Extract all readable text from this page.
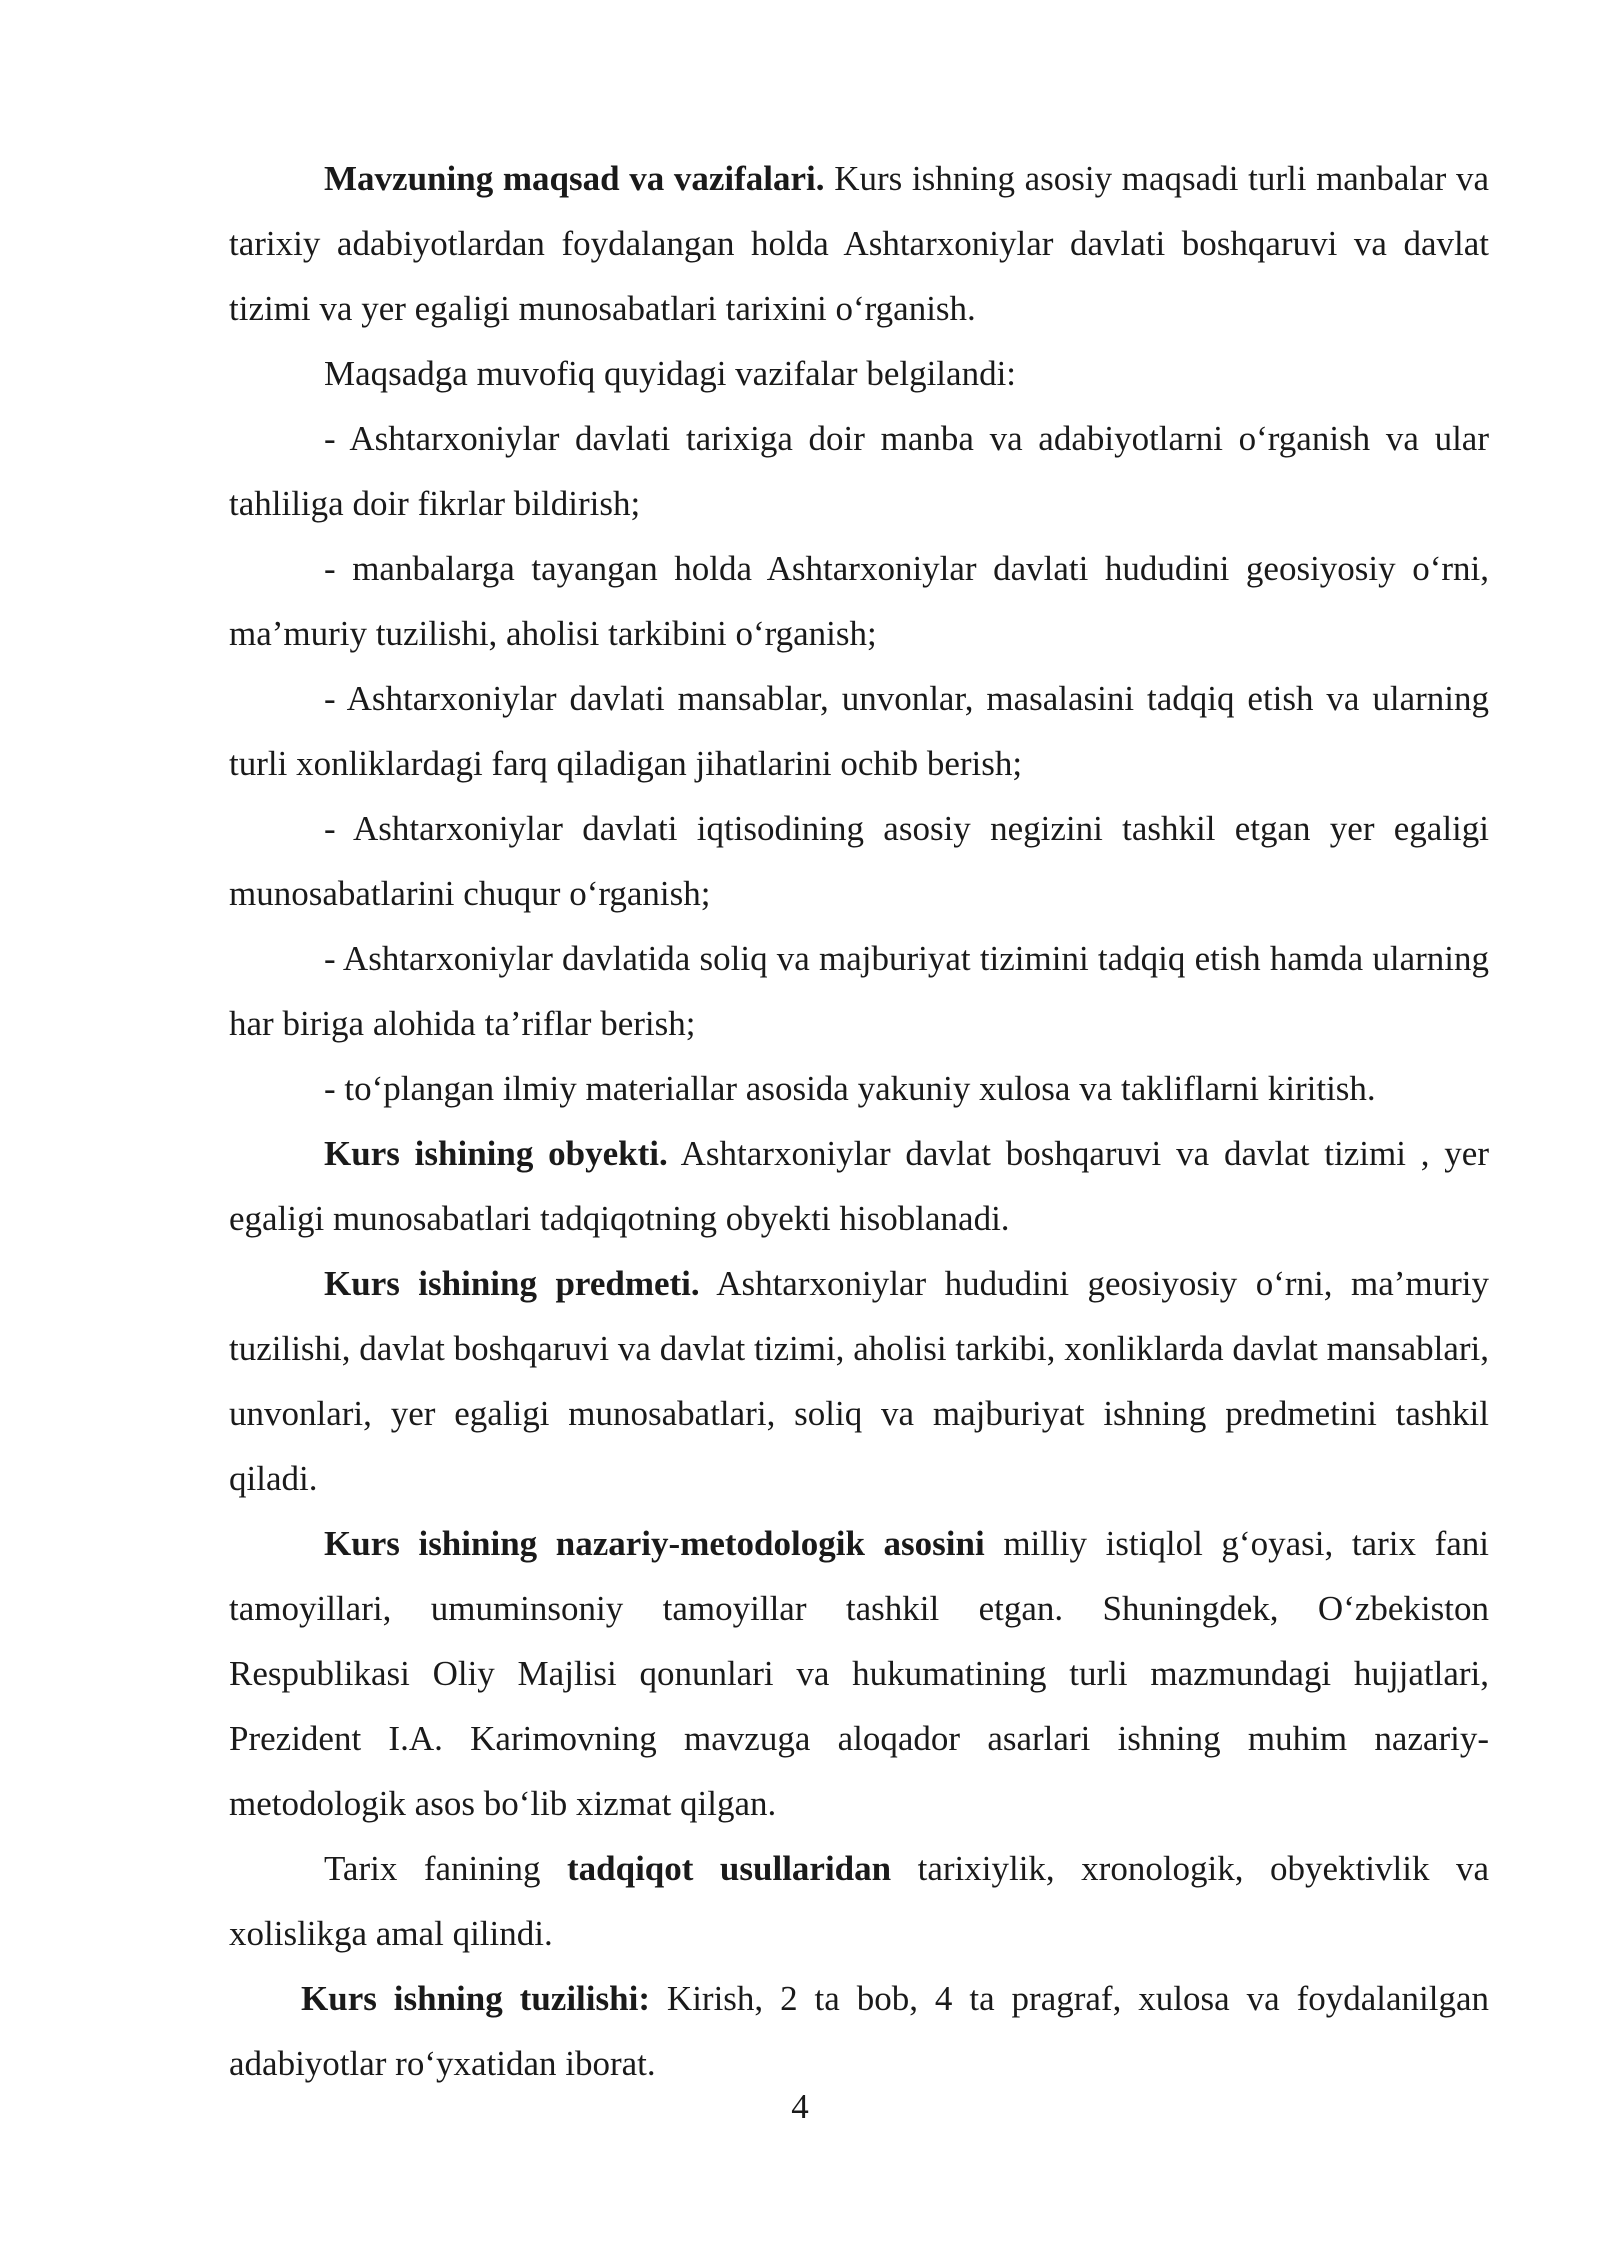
Mavzuning maqsad va vazifalari. Kurs ishning asosiy maqsadi turli manbalar va tarixiy adabiyotlardan foydalangan holda Ashtarxoniylar davlati boshqaruvi va davlat tizimi va yer egaligi munosabatlari tarixini o‘rganish.

Maqsadga muvofiq quyidagi vazifalar belgilandi:

- Ashtarxoniylar davlati tarixiga doir manba va adabiyotlarni o‘rganish va ular tahliliga doir fikrlar bildirish;

- manbalarga tayangan holda Ashtarxoniylar davlati hududini geosiyosiy o‘rni, ma’muriy tuzilishi, aholisi tarkibini o‘rganish;

- Ashtarxoniylar davlati mansablar, unvonlar, masalasini tadqiq etish va ularning turli xonliklardagi farq qiladigan jihatlarini ochib berish;

- Ashtarxoniylar davlati iqtisodining asosiy negizini tashkil etgan yer egaligi munosabatlarini chuqur o‘rganish;

- Ashtarxoniylar davlatida soliq va majburiyat tizimini tadqiq etish hamda ularning har biriga alohida ta’riflar berish;

- to‘plangan ilmiy materiallar asosida yakuniy xulosa va takliflarni kiritish.

Kurs ishining obyekti. Ashtarxoniylar davlat boshqaruvi va davlat tizimi , yer egaligi munosabatlari tadqiqotning obyekti hisoblanadi.

Kurs ishining predmeti. Ashtarxoniylar hududini geosiyosiy o‘rni, ma’muriy tuzilishi, davlat boshqaruvi va davlat tizimi, aholisi tarkibi, xonliklarda davlat mansablari, unvonlari, yer egaligi munosabatlari, soliq va majburiyat ishning predmetini tashkil qiladi.

Kurs ishining nazariy-metodologik asosini milliy istiqlol g‘oyasi, tarix fani tamoyillari, umuminsoniy tamoyillar tashkil etgan. Shuningdek, O‘zbekiston Respublikasi Oliy Majlisi qonunlari va hukumatining turli mazmundagi hujjatlari, Prezident I.A. Karimovning mavzuga aloqador asarlari ishning muhim nazariy-metodologik asos bo‘lib xizmat qilgan.

Tarix fanining tadqiqot usullaridan tarixiylik, xronologik, obyektivlik va xolislikga amal qilindi.

Kurs ishning tuzilishi: Kirish, 2 ta bob, 4 ta pragraf, xulosa va foydalanilgan adabiyotlar ro‘yxatidan iborat.

4
